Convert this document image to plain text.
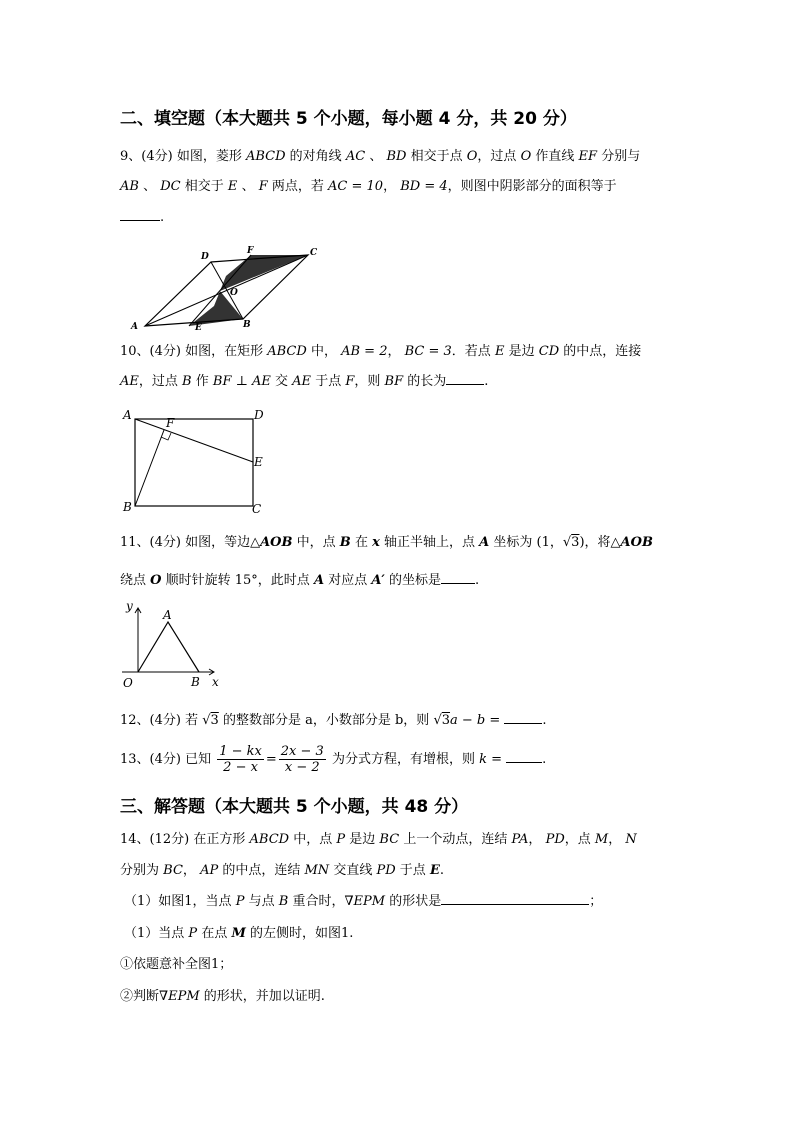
二、填空题（本大题共 5 个小题，每小题 4 分，共 20 分）
9、(4分) 如图，菱形 ABCD 的对角线 AC 、 BD 相交于点 O，过点 O 作直线 EF 分别与
AB 、 DC 相交于 E 、 F 两点，若 AC = 10， BD = 4，则图中阴影部分的面积等于
.
D
F	C
O
A	E	B
10、(4分) 如图，在矩形 ABCD 中， AB = 2， BC = 3．若点 E 是边 CD 的中点，连接
AE，过点 B 作 BF ⊥ AE 交 AE 于点 F，则 BF 的长为	.
A	D
F
E
B	C
11、(4分) 如图，等边△AOB 中，点 B 在 x 轴正半轴上，点 A 坐标为 (1，√3)，将△AOB
绕点 O 顺时针旋转 15°，此时点 A 对应点 A′ 的坐标是	.
y
A
O	B x
12、(4分) 若 √3 的整数部分是 a，小数部分是 b，则 √3a − b =	.
13、(4分) 已知 $\frac{1 - kx}{2 - x} = \frac{2x - 3}{x - 2}$ 为分式方程，有增根，则 k =	.
三、解答题（本大题共 5 个小题，共 48 分）
14、(12分) 在正方形 ABCD 中，点 P 是边 BC 上一个动点，连结 PA， PD，点 M， N
分别为 BC， AP 的中点，连结 MN 交直线 PD 于点 E.
（1）如图1，当点 P 与点 B 重合时，∇EPM 的形状是	；
（1）当点 P 在点 M 的左侧时，如图1.
①依题意补全图1；
②判断∇EPM 的形状，并加以证明.
